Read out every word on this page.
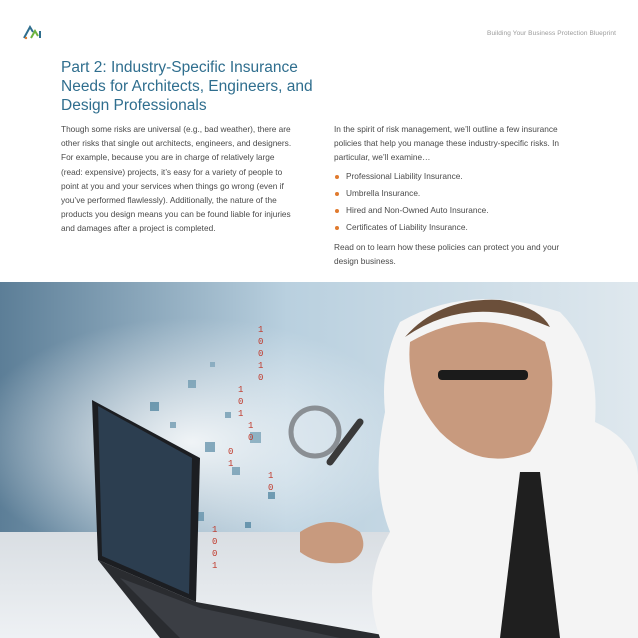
Building Your Business Protection Blueprint
Part 2: Industry-Specific Insurance Needs for Architects, Engineers, and Design Professionals

Though some risks are universal (e.g., bad weather), there are other risks that single out architects, engineers, and designers. For example, because you are in charge of relatively large (read: expensive) projects, it’s easy for a variety of people to point at you and your services when things go wrong (even if you’ve performed flawlessly). Additionally, the nature of the products you design means you can be found liable for injuries and damages after a project is completed.

In the spirit of risk management, we’ll outline a few insurance policies that help you manage these industry-specific risks. In particular, we’ll examine…

Professional Liability Insurance.
Umbrella Insurance.
Hired and Non-Owned Auto Insurance.
Certificates of Liability Insurance.

Read on to learn how these policies can protect you and your design business.

1
0
0
1
0
1
0
1
1
0
0
1
1
0
1
0
0
1
